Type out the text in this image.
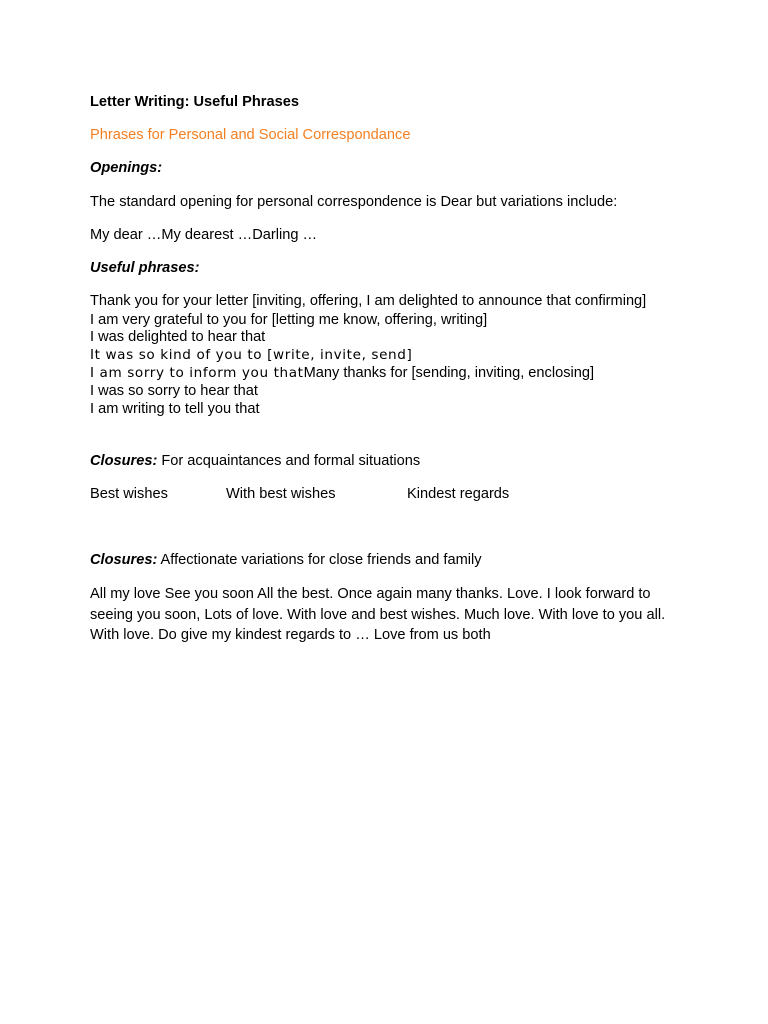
Letter Writing: Useful Phrases
Phrases for Personal and Social Correspondance
Openings:
The standard opening for personal correspondence is Dear but variations include:
My dear …My dearest …Darling …
Useful phrases:
Thank you for your letter [inviting, offering, I am delighted to announce that confirming]
I am very grateful to you for [letting me know, offering, writing]
I was delighted to hear that
It was so kind of you to [write, invite, send]
I am sorry to inform you thatMany thanks for [sending, inviting, enclosing]
I was so sorry to hear that
I am writing to tell you that
Closures: For acquaintances and formal situations
Best wishes	With best wishes	Kindest regards
Closures: Affectionate variations for close friends and family
All my love See you soon All the best. Once again many thanks. Love. I look forward to seeing you soon, Lots of love. With love and best wishes. Much love. With love to you all. With love. Do give my kindest regards to … Love from us both
